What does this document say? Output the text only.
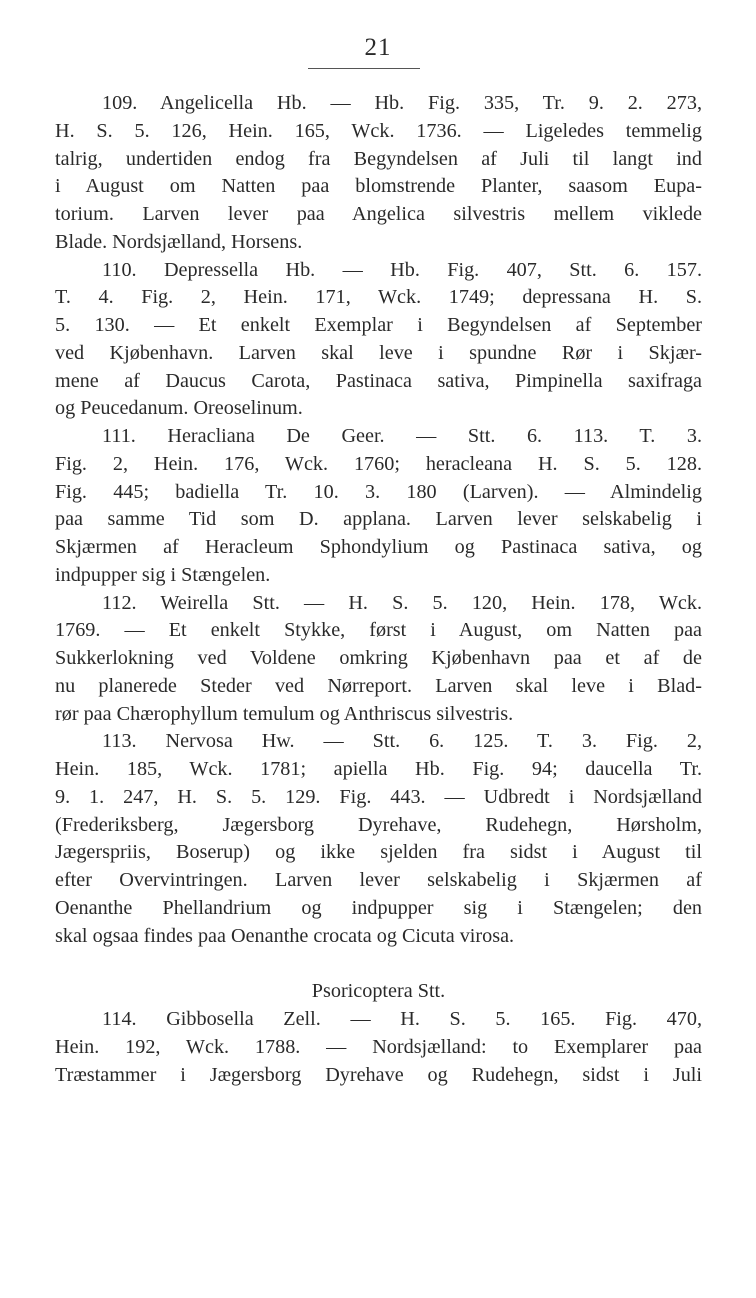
21
109. Angelicella Hb. — Hb. Fig. 335, Tr. 9. 2. 273,
H. S. 5. 126, Hein. 165, Wck. 1736. — Ligeledes temmelig
talrig, undertiden endog fra Begyndelsen af Juli til langt ind
i August om Natten paa blomstrende Planter, saasom Eupa-
torium. Larven lever paa Angelica silvestris mellem viklede
Blade. Nordsjælland, Horsens.
110. Depressella Hb. — Hb. Fig. 407, Stt. 6. 157.
T. 4. Fig. 2, Hein. 171, Wck. 1749; depressana H. S.
5. 130. — Et enkelt Exemplar i Begyndelsen af September
ved Kjøbenhavn. Larven skal leve i spundne Rør i Skjær-
mene af Daucus Carota, Pastinaca sativa, Pimpinella saxifraga
og Peucedanum. Oreoselinum.
111. Heracliana De Geer. — Stt. 6. 113. T. 3.
Fig. 2, Hein. 176, Wck. 1760; heracleana H. S. 5. 128.
Fig. 445; badiella Tr. 10. 3. 180 (Larven). — Almindelig
paa samme Tid som D. applana. Larven lever selskabelig i
Skjærmen af Heracleum Sphondylium og Pastinaca sativa, og
indpupper sig i Stængelen.
112. Weirella Stt. — H. S. 5. 120, Hein. 178, Wck.
1769. — Et enkelt Stykke, først i August, om Natten paa
Sukkerlokning ved Voldene omkring Kjøbenhavn paa et af de
nu planerede Steder ved Nørreport. Larven skal leve i Blad-
rør paa Chærophyllum temulum og Anthriscus silvestris.
113. Nervosa Hw. — Stt. 6. 125. T. 3. Fig. 2,
Hein. 185, Wck. 1781; apiella Hb. Fig. 94; daucella Tr.
9. 1. 247, H. S. 5. 129. Fig. 443. — Udbredt i Nordsjælland
(Frederiksberg, Jægersborg Dyrehave, Rudehegn, Hørsholm,
Jægerspriis, Boserup) og ikke sjelden fra sidst i August til
efter Overvintringen. Larven lever selskabelig i Skjærmen af
Oenanthe Phellandrium og indpupper sig i Stængelen; den
skal ogsaa findes paa Oenanthe crocata og Cicuta virosa.
Psoricoptera Stt.
114. Gibbosella Zell. — H. S. 5. 165. Fig. 470,
Hein. 192, Wck. 1788. — Nordsjælland: to Exemplarer paa
Træstammer i Jægersborg Dyrehave og Rudehegn, sidst i Juli
